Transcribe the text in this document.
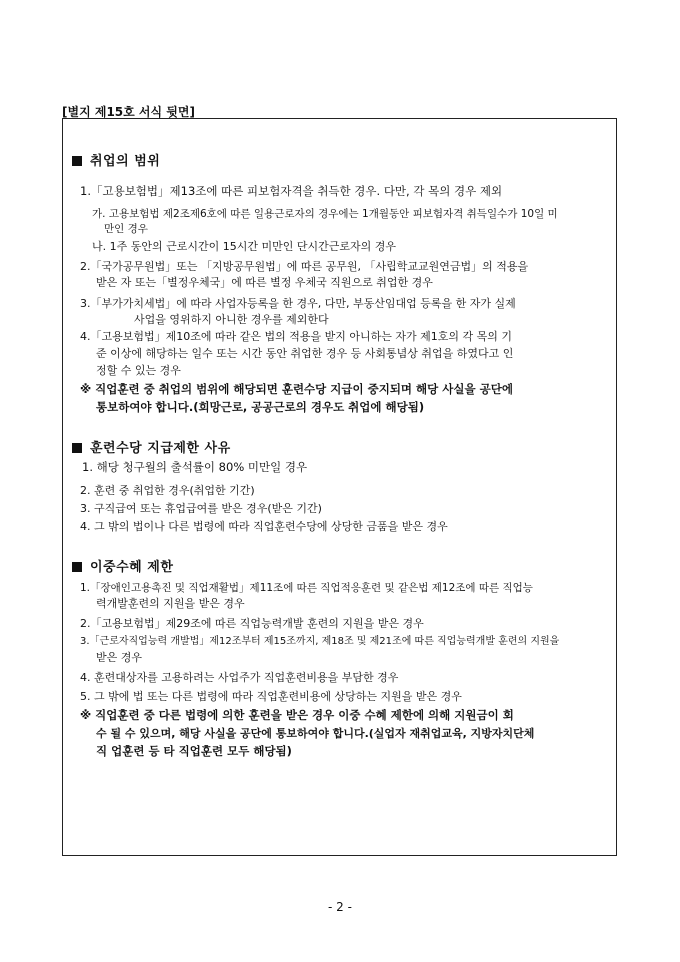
[별지 제15호 서식 뒷면]
취업의 범위
1.「고용보험법」제13조에 따른 피보험자격을 취득한 경우. 다만, 각 목의 경우 제외
가. 고용보험법 제2조제6호에 따른 일용근로자의 경우에는 1개월동안 피보험자격 취득일수가 10일 미
만인 경우
나. 1주 동안의 근로시간이 15시간 미만인 단시간근로자의 경우
2.「국가공무원법」또는 「지방공무원법」에 따른 공무원, 「사립학교교원연금법」의 적용을
받은 자 또는「별정우체국」에 따른 별정 우체국 직원으로 취업한 경우
3.「부가가치세법」에 따라 사업자등록을 한 경우, 다만, 부동산임대업 등록을 한 자가 실제
사업을 영위하지 아니한 경우를 제외한다
4.「고용보험법」제10조에 따라 같은 법의 적용을 받지 아니하는 자가 제1호의 각 목의 기
준 이상에 해당하는 일수 또는 시간 동안 취업한 경우 등 사회통념상 취업을 하였다고 인
정할 수 있는 경우
※ 직업훈련 중 취업의 범위에 해당되면 훈련수당 지급이 중지되며 해당 사실을 공단에
통보하여야 합니다.(희망근로, 공공근로의 경우도 취업에 해당됨)
훈련수당 지급제한 사유
1. 해당 청구월의 출석률이 80% 미만일 경우
2. 훈련 중 취업한 경우(취업한 기간)
3. 구직급여 또는 휴업급여를 받은 경우(받은 기간)
4. 그 밖의 법이나 다른 법령에 따라 직업훈련수당에 상당한 금품을 받은 경우
이중수혜 제한
1.「장애인고용촉진 및 직업재활법」제11조에 따른 직업적응훈련 및 같은법 제12조에 따른 직업능
력개발훈련의 지원을 받은 경우
2.「고용보험법」제29조에 따른 직업능력개발 훈련의 지원을 받은 경우
3.「근로자직업능력 개발법」제12조부터 제15조까지, 제18조 및 제21조에 따른 직업능력개발 훈련의 지원을
받은 경우
4. 훈련대상자를 고용하려는 사업주가 직업훈련비용을 부담한 경우
5. 그 밖에 법 또는 다른 법령에 따라 직업훈련비용에 상당하는 지원을 받은 경우
※ 직업훈련 중 다른 법령에 의한 훈련을 받은 경우 이중 수혜 제한에 의해 지원금이 회
수 될 수 있으며, 해당 사실을 공단에 통보하여야 합니다.(실업자 재취업교육, 지방자치단체
직 업훈련 등 타 직업훈련 모두 해당됨)
- 2 -
